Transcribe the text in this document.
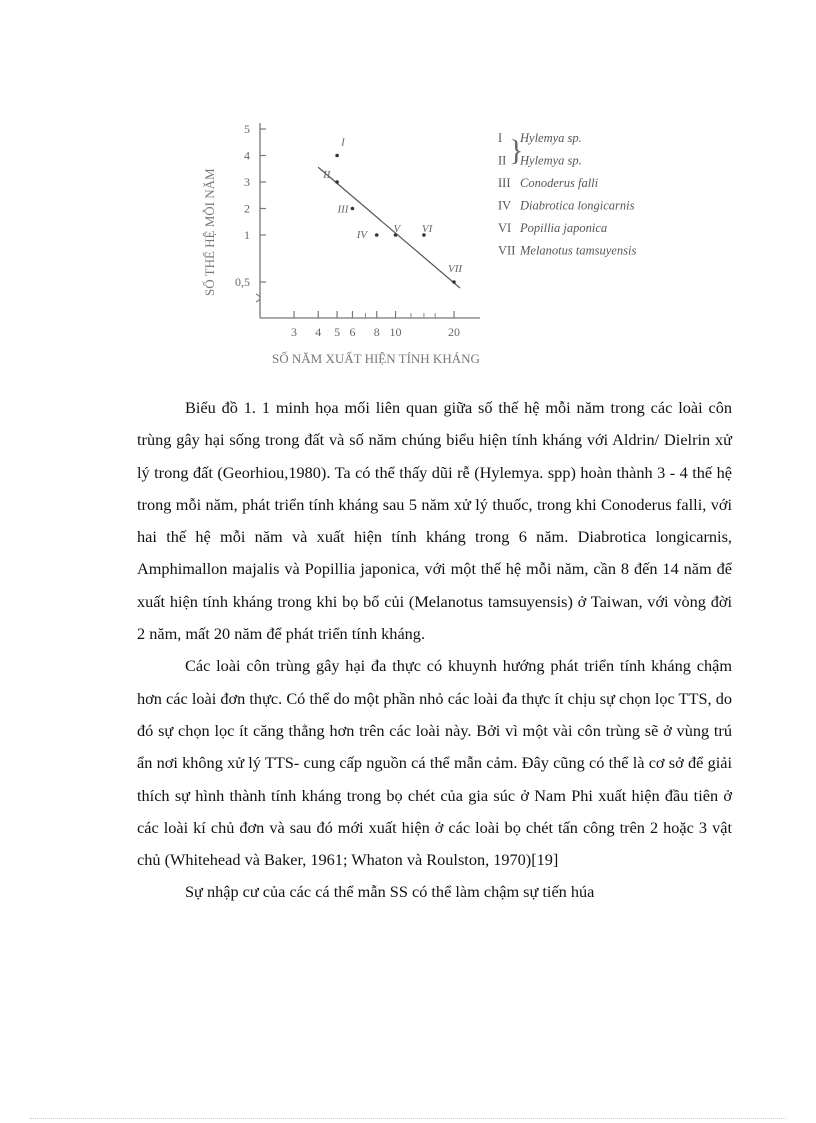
0,5
1
2
3
4
5
3 4 5 6 8 10	20
I
II
III
IV V VI
VII
SỐ THẾ HỆ MỖI NĂM
SỐ NĂM XUẤT HIỆN TÍNH KHÁNG
I Hylemya sp.
II Hylemya sp.
III Conoderus falli
IV Diabrotica longicarnis
VI Popillia japonica
VII Melanotus tamsuyensis
}

Biểu đồ 1. 1 minh họa mối liên quan giữa số thế hệ mỗi năm trong các loài côn trùng gây hại sống trong đất và số năm chúng biểu hiện tính kháng với Aldrin/ Dielrin xử lý trong đất (Georhiou,1980). Ta có thể thấy dũi rễ (Hylemya. spp) hoàn thành 3 - 4 thế hệ trong mỗi năm, phát triển tính kháng sau 5 năm xử lý thuốc, trong khi Conoderus falli, với hai thế hệ mỗi năm và xuất hiện tính kháng trong 6 năm. Diabrotica longicarnis, Amphimallon majalis và Popillia japonica, với một thế hệ mỗi năm, cần 8 đến 14 năm để xuất hiện tính kháng trong khi bọ bổ củi (Melanotus tamsuyensis) ở Taiwan, với vòng đời 2 năm, mất 20 năm để phát triển tính kháng.

Các loài côn trùng gây hại đa thực có khuynh hướng phát triển tính kháng chậm hơn các loài đơn thực. Có thể do một phần nhỏ các loài đa thực ít chịu sự chọn lọc TTS, do đó sự chọn lọc ít căng thẳng hơn trên các loài này. Bởi vì một vài côn trùng sẽ ở vùng trú ẩn nơi không xử lý TTS- cung cấp nguồn cá thể mẫn cảm. Đây cũng có thể là cơ sở để giải thích sự hình thành tính kháng trong bọ chét của gia súc ở Nam Phi xuất hiện đầu tiên ở các loài kí chủ đơn và sau đó mới xuất hiện ở các loài bọ chét tấn công trên 2 hoặc 3 vật chủ (Whitehead và Baker, 1961; Whaton và Roulston, 1970)[19]

Sự nhập cư của các cá thể mẫn SS có thể làm chậm sự tiến húa
